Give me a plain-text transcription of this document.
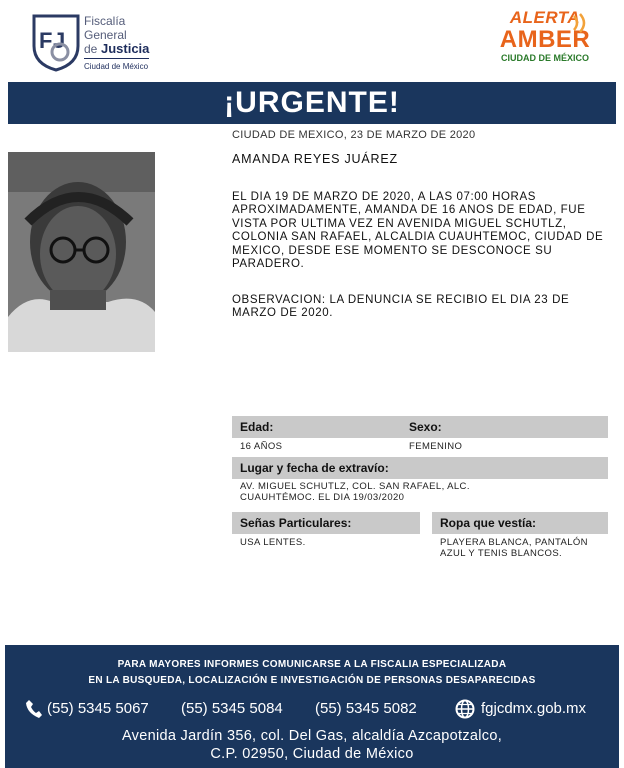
F J
Fiscalía
General
de Justicia
Ciudad de México
ALERTA
AMBER
CIUDAD DE MÉXICO
¡URGENTE!
CIUDAD DE MEXICO, 23 DE MARZO DE 2020
AMANDA REYES JUÁREZ
EL DIA 19 DE MARZO DE 2020, A LAS 07:00 HORAS APROXIMADAMENTE, AMANDA DE 16 ANOS DE EDAD, FUE VISTA POR ULTIMA VEZ EN AVENIDA MIGUEL SCHUTLZ, COLONIA SAN RAFAEL, ALCALDIA CUAUHTEMOC, CIUDAD DE MEXICO, DESDE ESE MOMENTO SE DESCONOCE SU PARADERO.
OBSERVACION: LA DENUNCIA SE RECIBIO EL DIA 23 DE MARZO DE 2020.
Edad:	Sexo:
16 AÑOS	FEMENINO
Lugar y fecha de extravío:
AV. MIGUEL SCHUTLZ, COL. SAN RAFAEL, ALC. CUAUHTÉMOC. EL DIA 19/03/2020
Señas Particulares:	Ropa que vestía:
USA LENTES.	PLAYERA BLANCA, PANTALÓN AZUL Y TENIS BLANCOS.
PARA MAYORES INFORMES COMUNICARSE A LA FISCALIA ESPECIALIZADA
EN LA BUSQUEDA, LOCALIZACIÓN E INVESTIGACIÓN DE PERSONAS DESAPARECIDAS
(55) 5345 5067 (55) 5345 5084 (55) 5345 5082	fgjcdmx.gob.mx
Avenida Jardín 356, col. Del Gas, alcaldía Azcapotzalco,
C.P. 02950, Ciudad de México
